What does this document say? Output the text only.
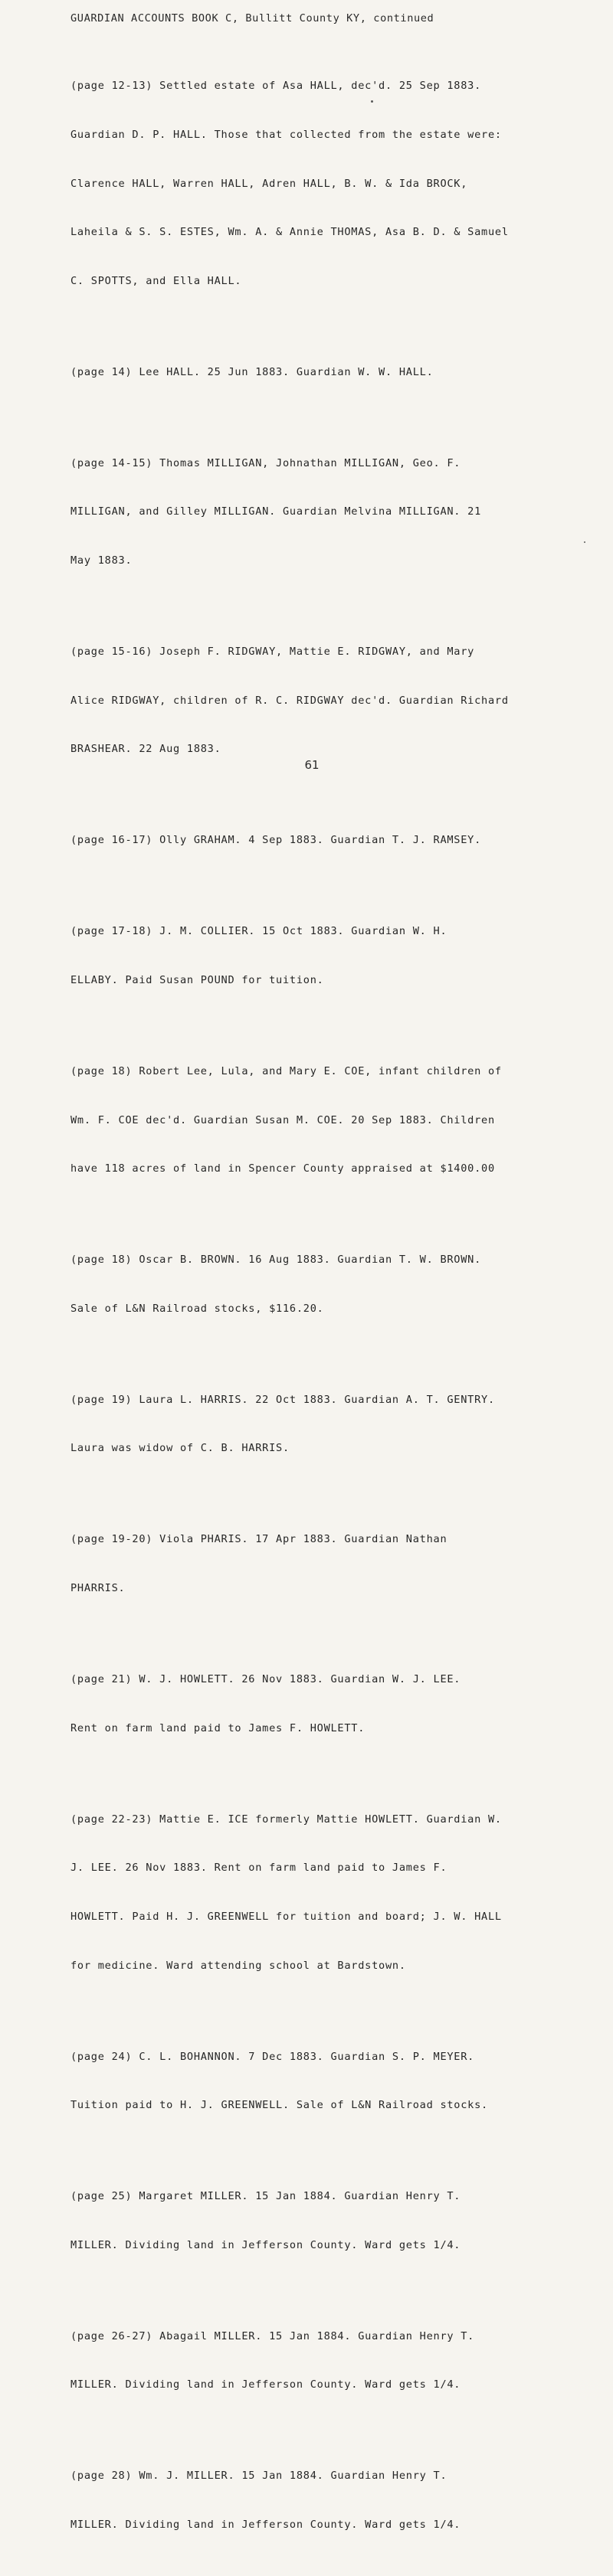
GUARDIAN ACCOUNTS BOOK C, Bullitt County KY, continued

(page 12-13) Settled estate of Asa HALL, dec'd. 25 Sep 1883.

Guardian D. P. HALL. Those that collected from the estate were:

Clarence HALL, Warren HALL, Adren HALL, B. W. & Ida BROCK,

Laheila & S. S. ESTES, Wm. A. & Annie THOMAS, Asa B. D. & Samuel

C. SPOTTS, and Ella HALL.

(page 14) Lee HALL. 25 Jun 1883. Guardian W. W. HALL.

(page 14-15) Thomas MILLIGAN, Johnathan MILLIGAN, Geo. F.

MILLIGAN, and Gilley MILLIGAN. Guardian Melvina MILLIGAN. 21

May 1883.

(page 15-16) Joseph F. RIDGWAY, Mattie E. RIDGWAY, and Mary

Alice RIDGWAY, children of R. C. RIDGWAY dec'd. Guardian Richard

BRASHEAR. 22 Aug 1883.

(page 16-17) Olly GRAHAM. 4 Sep 1883. Guardian T. J. RAMSEY.

(page 17-18) J. M. COLLIER. 15 Oct 1883. Guardian W. H.

ELLABY. Paid Susan POUND for tuition.

(page 18) Robert Lee, Lula, and Mary E. COE, infant children of

Wm. F. COE dec'd. Guardian Susan M. COE. 20 Sep 1883. Children

have 118 acres of land in Spencer County appraised at $1400.00

(page 18) Oscar B. BROWN. 16 Aug 1883. Guardian T. W. BROWN.

Sale of L&N Railroad stocks, $116.20.

(page 19) Laura L. HARRIS. 22 Oct 1883. Guardian A. T. GENTRY.

Laura was widow of C. B. HARRIS.

(page 19-20) Viola PHARIS. 17 Apr 1883. Guardian Nathan

PHARRIS.

(page 21) W. J. HOWLETT. 26 Nov 1883. Guardian W. J. LEE.

Rent on farm land paid to James F. HOWLETT.

(page 22-23) Mattie E. ICE formerly Mattie HOWLETT. Guardian W.

J. LEE. 26 Nov 1883. Rent on farm land paid to James F.

HOWLETT. Paid H. J. GREENWELL for tuition and board; J. W. HALL

for medicine. Ward attending school at Bardstown.

(page 24) C. L. BOHANNON. 7 Dec 1883. Guardian S. P. MEYER.

Tuition paid to H. J. GREENWELL. Sale of L&N Railroad stocks.

(page 25) Margaret MILLER. 15 Jan 1884. Guardian Henry T.

MILLER. Dividing land in Jefferson County. Ward gets 1/4.

(page 26-27) Abagail MILLER. 15 Jan 1884. Guardian Henry T.

MILLER. Dividing land in Jefferson County. Ward gets 1/4.

(page 28) Wm. J. MILLER. 15 Jan 1884. Guardian Henry T.

MILLER. Dividing land in Jefferson County. Ward gets 1/4.

61
